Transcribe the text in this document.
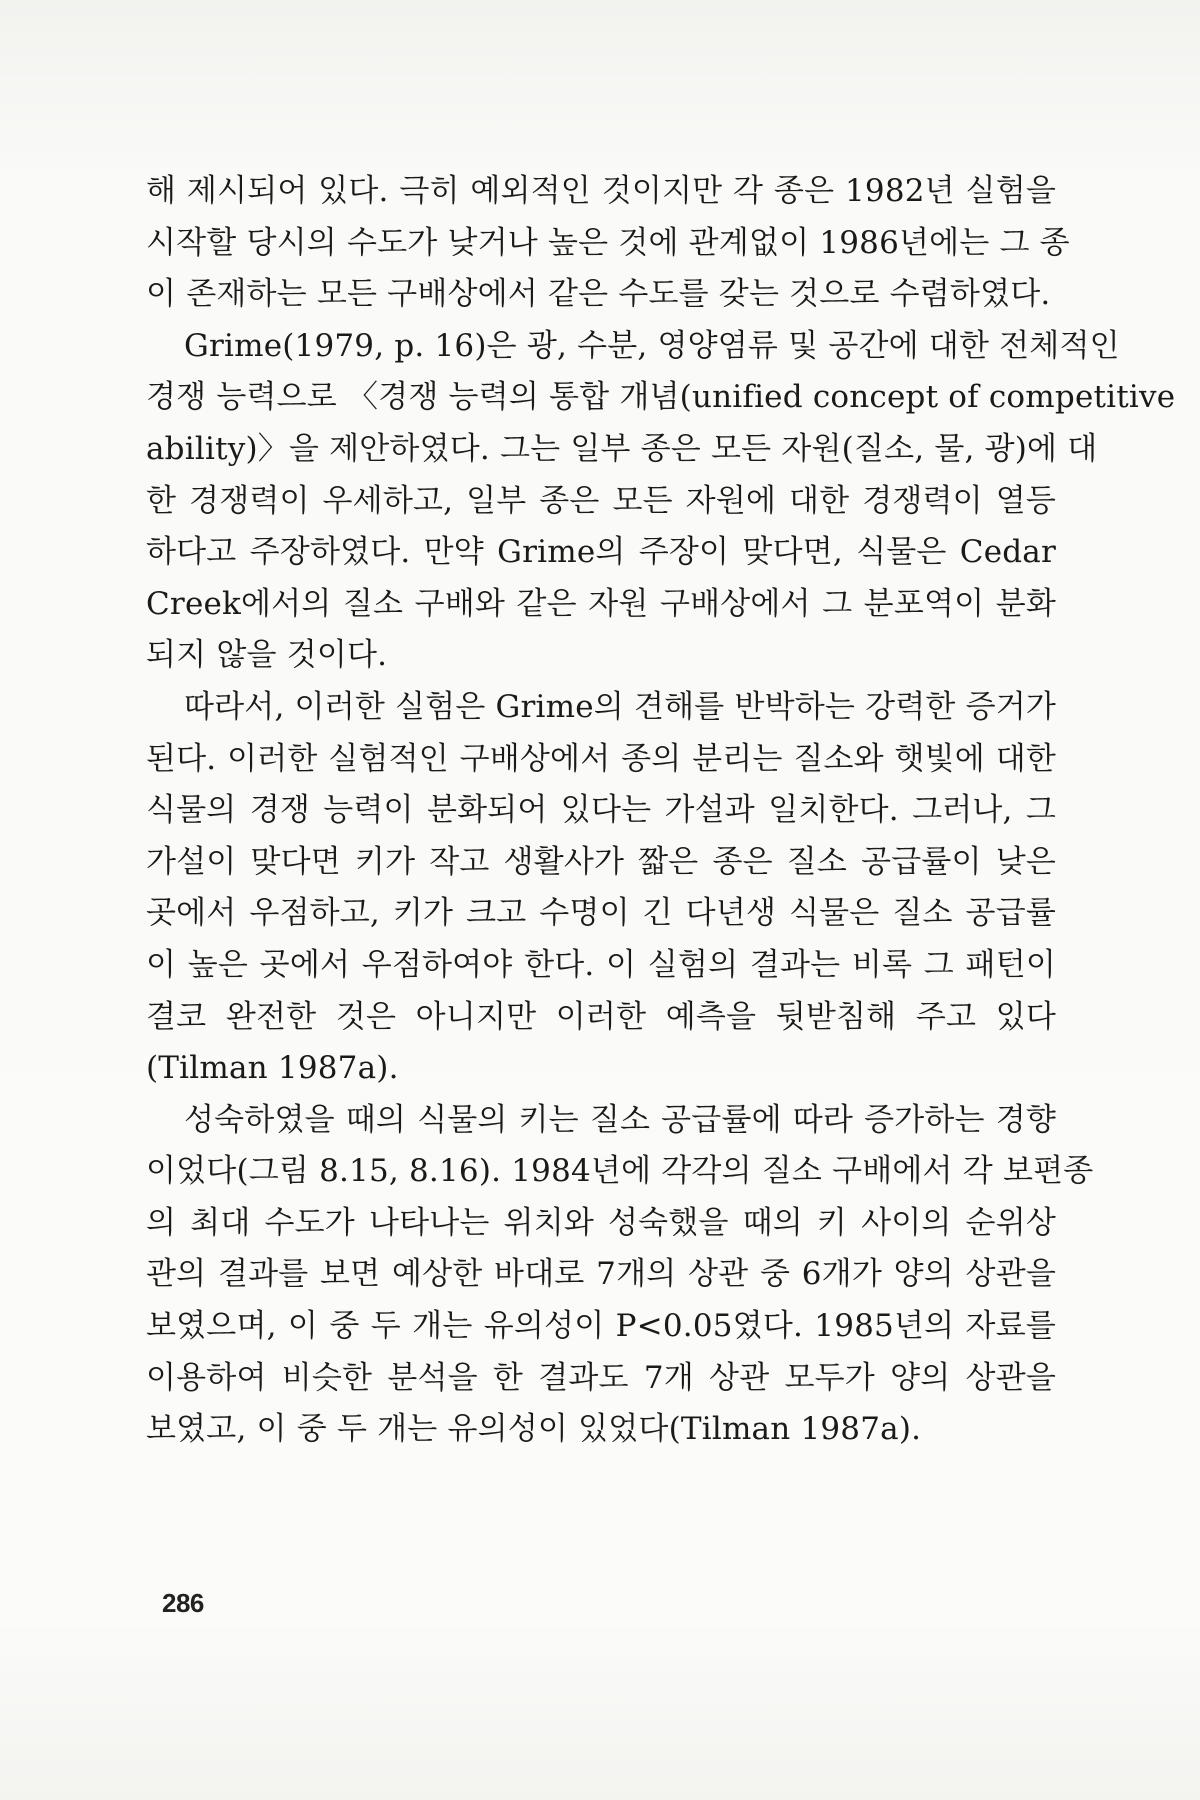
해 제시되어 있다. 극히 예외적인 것이지만 각 종은 1982년 실험을
시작할 당시의 수도가 낮거나 높은 것에 관계없이 1986년에는 그 종
이 존재하는 모든 구배상에서 같은 수도를 갖는 것으로 수렴하였다.
Grime(1979, p. 16)은 광, 수분, 영양염류 및 공간에 대한 전체적인
경쟁 능력으로 〈경쟁 능력의 통합 개념(unified concept of competitive
ability)〉을 제안하였다. 그는 일부 종은 모든 자원(질소, 물, 광)에 대
한 경쟁력이 우세하고, 일부 종은 모든 자원에 대한 경쟁력이 열등
하다고 주장하였다. 만약 Grime의 주장이 맞다면, 식물은 Cedar
Creek에서의 질소 구배와 같은 자원 구배상에서 그 분포역이 분화
되지 않을 것이다.
따라서, 이러한 실험은 Grime의 견해를 반박하는 강력한 증거가
된다. 이러한 실험적인 구배상에서 종의 분리는 질소와 햇빛에 대한
식물의 경쟁 능력이 분화되어 있다는 가설과 일치한다. 그러나, 그
가설이 맞다면 키가 작고 생활사가 짧은 종은 질소 공급률이 낮은
곳에서 우점하고, 키가 크고 수명이 긴 다년생 식물은 질소 공급률
이 높은 곳에서 우점하여야 한다. 이 실험의 결과는 비록 그 패턴이
결코 완전한 것은 아니지만 이러한 예측을 뒷받침해 주고 있다
(Tilman 1987a).
성숙하였을 때의 식물의 키는 질소 공급률에 따라 증가하는 경향
이었다(그림 8.15, 8.16). 1984년에 각각의 질소 구배에서 각 보편종
의 최대 수도가 나타나는 위치와 성숙했을 때의 키 사이의 순위상
관의 결과를 보면 예상한 바대로 7개의 상관 중 6개가 양의 상관을
보였으며, 이 중 두 개는 유의성이 P<0.05였다. 1985년의 자료를
이용하여 비슷한 분석을 한 결과도 7개 상관 모두가 양의 상관을
보였고, 이 중 두 개는 유의성이 있었다(Tilman 1987a).
286
